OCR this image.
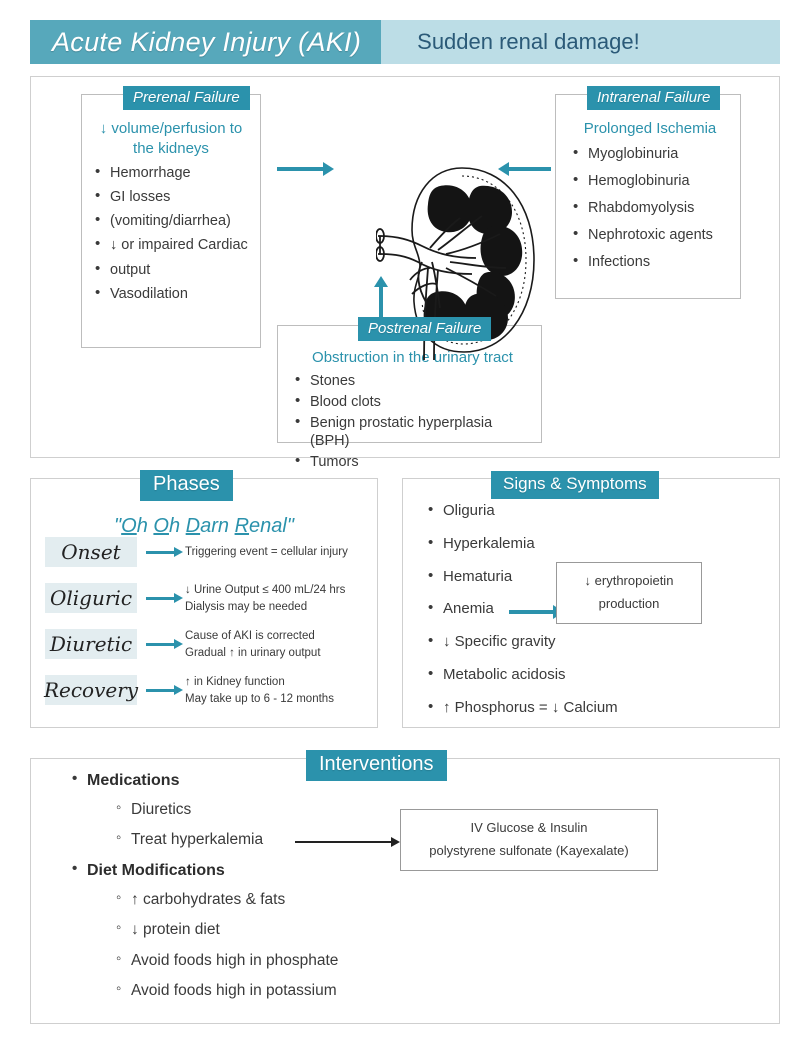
Acute Kidney Injury (AKI)	Sudden renal damage!
↓ volume/perfusion to the kidneys
• Hemorrhage
• GI losses
• (vomiting/diarrhea)
• ↓ or impaired Cardiac
• output
• Vasodilation
Prerenal Failure
Prolonged Ischemia
• Myoglobinuria
• Hemoglobinuria
• Rhabdomyolysis
• Nephrotoxic agents
• Infections
Intrarenal Failure
Obstruction in the urinary tract
• Stones
• Blood clots
• Benign prostatic hyperplasia (BPH)
• Tumors
Postrenal Failure
"Oh Oh Darn Renal"
Onset	Triggering event = cellular injury
Oliguric	↓ Urine Output ≤ 400 mL/24 hrs
Dialysis may be needed
Diuretic	Cause of AKI is corrected
Gradual ↑ in urinary output
Recovery	↑ in Kidney function
May take up to 6 - 12 months
Phases
• Oliguria
• Hyperkalemia
• Hematuria
• Anemia
• ↓ Specific gravity
• Metabolic acidosis
• ↑ Phosphorus = ↓ Calcium
↓ erythropoietin
production
Signs & Symptoms
• Medications
◦ Diuretics
◦ Treat hyperkalemia
• Diet Modifications
◦ ↑ carbohydrates & fats
◦ ↓ protein diet
◦ Avoid foods high in phosphate
◦ Avoid foods high in potassium
IV Glucose & Insulin
polystyrene sulfonate (Kayexalate)
Interventions
